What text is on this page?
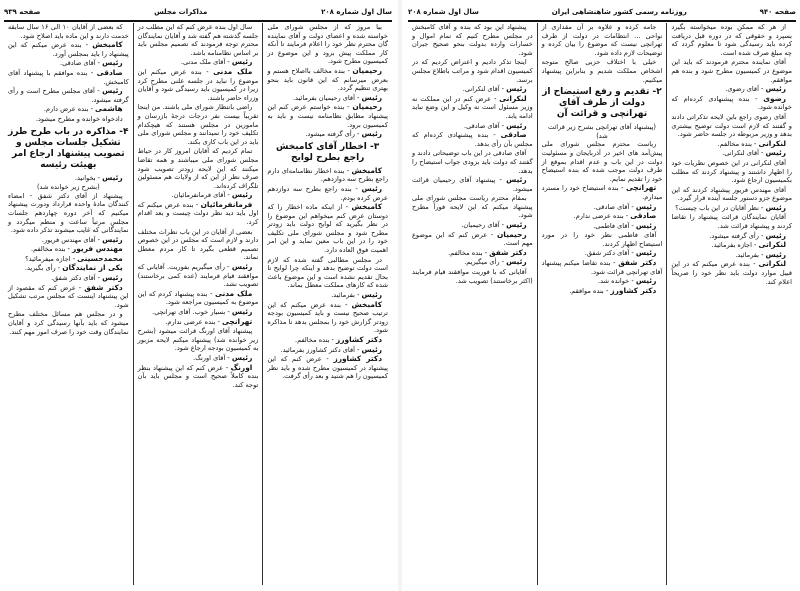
سال اول شماره ۲۰۸
مذاکرات مجلس
صفحه ۹۳۹

بیا مروز که از مجلس شورای ملی خواسته شده و اعضای دولت و آقای نماینده گان محترم نظر خود را اعلام فرمایند تا آنکه کار مملکت پیش برود و این موضوع در کمیسیون مطرح شود.

رحیمیان - بنده مخالف بااصلاح هستم و بعرض میرسانم که این قانون باید بنحو بهتری تنظیم گردد.

رئیس - آقای رحیمیان بفرمائید.

رحیمیان - بنده خواستم عرض کنم این پیشنهاد مطابق نظامنامه نیست و باید به کمیسیون برود.

رئیس - رأی گرفته میشود.

۳- اخطار آقای کامبخش راجع بطرح لوایح

کامبخش - بنده اخطار نظامنامه‌ای دارم راجع بطرح سه دوازدهم.

رئیس - بنده راجع بطرح سه دوازدهم عرض کرده بودم.

کامبخش - از اینکه ماده اخطار را که دوستان عرض کنم میخواهم این موضوع را در نظر بگیرید که لوایح دولت باید زودتر مطرح شود و مجلس شورای ملی تکلیف خود را در این باب معین نماید و این امر اهمیت فوق العاده دارد.

در مجلس مطالبی گفته شده که لازم است دولت توضیح بدهد و اینکه چرا لوایح تا بحال تقدیم نشده است و این موضوع باعث شده که کارهای مملکت معطل بماند.

رئیس - بفرمائید.

کامبخش - بنده عرض میکنم که این ترتیب صحیح نیست و باید کمیسیون بودجه زودتر گزارش خود را بمجلس بدهد تا مذاکره شود.

دکتر کشاورز - بنده مخالفم.

رئیس - آقای دکتر کشاورز بفرمائید.

دکتر کشاورز - عرض کنم که این پیشنهاد در کمیسیون مطرح شده و باید نظر کمیسیون را هم شنید و بعد رأی گرفت.

سال اول بنده عرض کنم که این مطلب در جلسه گذشته هم گفته شد و آقایان نمایندگان محترم توجه فرمودند که تصمیم مجلس باید بر اساس نظامنامه باشد.

رئیس - آقای ملک مدنی.

ملک مدنی - بنده عرض میکنم این موضوع را نباید در جلسه علنی مطرح کرد زیرا در کمیسیون باید رسیدگی شود و آقایان وزراء حاضر باشند.

راضی بانتظار شورای ملی باشند. من اینجا تقریباً بیست نفر درجات درجهٔ بازرسان و مامورین در مجلس هستند که هیچکدام تکلیف خود را نمیدانند و مجلس شورای ملی باید در این باب کاری بکند.

تمام کردیم که آقایان امروز کار در حیاط مجلس شورای ملی میباشند و همه تقاضا میکنند که این لایحه زودتر تصویب شود صرف نظر از این که از ولایات هم مسئولین تلگراف کرده‌اند.

رئیس - آقای فرمانفرمائیان.

فرمانفرمائیان - بنده عرض میکنم که اول باید دید نظر دولت چیست و بعد اقدام کرد.

بعضی از آقایان در این باب نظرات مختلف دارند و لازم است که مجلس در این خصوص تصمیم قطعی بگیرد تا کار مردم معطل نماند.

رئیس - رأی میگیریم بفوریت. آقایانی که موافقند قیام فرمایند (عده کمی برخاستند) تصویب نشد.

ملک مدنی - بنده پیشنهاد کردم که این موضوع به کمیسیون مراجعه شود.

رئیس - بسیار خوب. آقای تهرانچی.

تهرانچی - بنده عرضی ندارم.

پیشنهاد آقای اورنگ قرائت میشود (بشرح زیر خوانده شد) پیشنهاد میکنم لایحه مزبور به کمیسیون بودجه ارجاع شود.

رئیس - آقای اورنگ.

اورنگ - عرض کنم که این پیشنهاد بنظر بنده کاملاً صحیح است و مجلس باید بآن توجه کند.

که بعضی از آقایان ۱۰ الی ۱۶ سال سابقه خدمت دارند و این ماده باید اصلاح شود.

کامبخش - بنده عرض میکنم که این پیشنهاد را باید بمجلس آورد.

رئیس - آقای صادقی.

صادقی - بنده موافقم با پیشنهاد آقای کامبخش.

رئیس - آقای مجلس مطرح است و رأی گرفته میشود.

هاشمی - بنده عرض دارم.

دادخواه خوانده و مطرح میشود.

۴- مذاکره در باب طرح طرز تشکیل جلسات مجلس و تصویب پیشنهاد ارجاع امر بهیئت رئیسه

رئیس - بخوانید.

(بشرح زیر خوانده شد)

پیشنهاد از آقای دکتر شفق - امضاء کنندگان مادهٔ واحده قرارداد ودورت پیشنهاد میکنیم که آخر دوره چهاردهم جلسات مجلس مرتباً ساعت و منظم میگردد و نمایندگانی که غایب میشوند تذکر داده شود.

رئیس - آقای مهندس فریور.

مهندس فریور - بنده مخالفم.

محمدحسینی - اجازه میفرمائید؟

یکی از نمایندگان - رأی بگیرید.

رئیس - آقای دکتر شفق.

دکتر شفق - عرض کنم که مقصود از این پیشنهاد اینست که مجلس مرتب تشکیل شود.

و در مجلس هم مسائل مختلف مطرح میشود که باید بآنها رسیدگی کرد و آقایان نمایندگان وقت خود را صرف امور مهم کنند.

صفحه ۹۴۰
روزنامه رسمی کشور شاهنشاهی ایران
سال اول شماره ۲۰۸

از هر که ممکن بوده میخواسته بگیرد بسپرد و حقوقی که در دوره قبل دریافت کرده باید رسیدگی شود تا معلوم گردد که چه مبلغ صرف شده است.

آقای نماینده محترم فرمودند که باید این موضوع در کمیسیون مطرح شود و بنده هم موافقم.

رئیس - آقای رضوی.

رضوی - بنده پیشنهادی کرده‌ام که خوانده شود.

آقای رضوی راجع باین لایحه تذکراتی دادند و گفتند که لازم است دولت توضیح بیشتری بدهد و وزیر مربوطه در جلسه حاضر شود.

لنکرانی - بنده مخالفم.

رئیس - آقای لنکرانی.

آقای لنکرانی در این خصوص نظریات خود را اظهار داشتند و پیشنهاد کردند که مطلب بکمیسیون ارجاع شود.

آقای مهندس فریور پیشنهاد کردند که این موضوع جزو دستور جلسه آینده قرار گیرد.

رئیس - نظر آقایان در این باب چیست؟

آقایان نمایندگان قرائت پیشنهاد را تقاضا کردند و پیشنهاد قرائت شد.

رئیس - رأی گرفته میشود.

لنکرانی - اجازه بفرمائید.

رئیس - بفرمائید.

لنکرانی - بنده عرض میکنم که در این قبیل موارد دولت باید نظر خود را صریحاً اعلام کند.

جامه کرده و علاوه بر آن مقداری از نواحی ... انتظامات در دولت از طرف تهرانچی نیست که موضوع را بیان کرده و توضیحات لازم داده شود.

خیلی با اختلاف حزبی صالح متوجه اشخاص مملکت شدیم و بنابراین پیشنهاد میکنیم.

۲- تقدیم و رفع استیضاح از دولت از طرف آقای تهرانچی و قرائت آن
(پیشنهاد آقای تهرانچی بشرح زیر قرائت شد)

ریاست محترم مجلس شورای ملی پیش‌آمد های اخیر در آذربایجان و مسئولیت دولت در این باب و عدم اقدام بموقع از طرف دولت موجب شده که بنده استیضاح خود را تقدیم نمایم.

تهرانچی - بنده استیضاح خود را مسترد میدارم.

رئیس - آقای صادقی.

صادقی - بنده عرضی ندارم.

رئیس - آقای فاطمی.

آقای فاطمی نظر خود را در مورد استیضاح اظهار کردند.

رئیس - آقای دکتر شفق.

دکتر شفق - بنده تقاضا میکنم پیشنهاد آقای تهرانچی قرائت شود.

رئیس - خوانده شد.

دکتر کشاورز - بنده موافقم.

پیشنهاد این بود که بنده و آقای کامبخش در مجلس مطرح کنیم که تمام اموال و خسارات وارده بدولت بنحو صحیح جبران شود.

اینجا تذکر دادیم و اعتراض کردیم که در کمیسیون اقدام شود و مراتب باطلاع مجلس برسد.

رئیس - آقای لنکرانی.

لنکرانی - عرض کنم در این مملکت نه وزیر مسئول است نه وکیل و این وضع نباید ادامه یابد.

رئیس - آقای صادقی.

صادقی - بنده پیشنهادی کرده‌ام که مجلس بآن رأی بدهد.

آقای صادقی در این باب توضیحاتی دادند و گفتند که دولت باید بزودی جواب استیضاح را بدهد.

رئیس - پیشنهاد آقای رحیمیان قرائت میشود.

بمقام محترم ریاست مجلس شورای ملی پیشنهاد میکنم که این لایحه فوراً مطرح شود.

رئیس - آقای رحیمیان.

رحیمیان - عرض کنم که این موضوع مهم است.

دکتر شفق - بنده مخالفم.

رئیس - رأی میگیریم.

آقایانی که با فوریت موافقند قیام فرمایند (اکثر برخاستند) تصویب شد.
